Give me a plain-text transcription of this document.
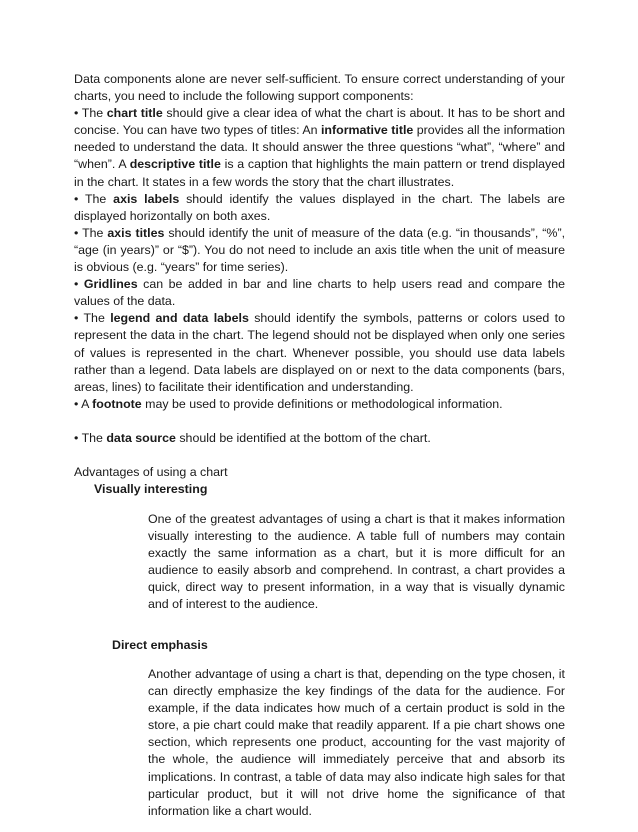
Data components alone are never self-sufficient. To ensure correct understanding of your charts, you need to include the following support components:

• The chart title should give a clear idea of what the chart is about. It has to be short and concise. You can have two types of titles: An informative title provides all the information needed to understand the data. It should answer the three questions “what”, “where” and “when”. A descriptive title is a caption that highlights the main pattern or trend displayed in the chart. It states in a few words the story that the chart illustrates.

• The axis labels should identify the values displayed in the chart. The labels are displayed horizontally on both axes.

• The axis titles should identify the unit of measure of the data (e.g. “in thousands”, “%”, “age (in years)” or “$”). You do not need to include an axis title when the unit of measure is obvious (e.g. “years” for time series).

• Gridlines can be added in bar and line charts to help users read and compare the values of the data.

• The legend and data labels should identify the symbols, patterns or colors used to represent the data in the chart. The legend should not be displayed when only one series of values is represented in the chart. Whenever possible, you should use data labels rather than a legend. Data labels are displayed on or next to the data components (bars, areas, lines) to facilitate their identification and understanding.

• A footnote may be used to provide definitions or methodological information.

• The data source should be identified at the bottom of the chart.

Advantages of using a chart

Visually interesting

One of the greatest advantages of using a chart is that it makes information visually interesting to the audience. A table full of numbers may contain exactly the same information as a chart, but it is more difficult for an audience to easily absorb and comprehend. In contrast, a chart provides a quick, direct way to present information, in a way that is visually dynamic and of interest to the audience.

Direct emphasis

Another advantage of using a chart is that, depending on the type chosen, it can directly emphasize the key findings of the data for the audience. For example, if the data indicates how much of a certain product is sold in the store, a pie chart could make that readily apparent. If a pie chart shows one section, which represents one product, accounting for the vast majority of the whole, the audience will immediately perceive that and absorb its implications. In contrast, a table of data may also indicate high sales for that particular product, but it will not drive home the significance of that information like a chart would.
